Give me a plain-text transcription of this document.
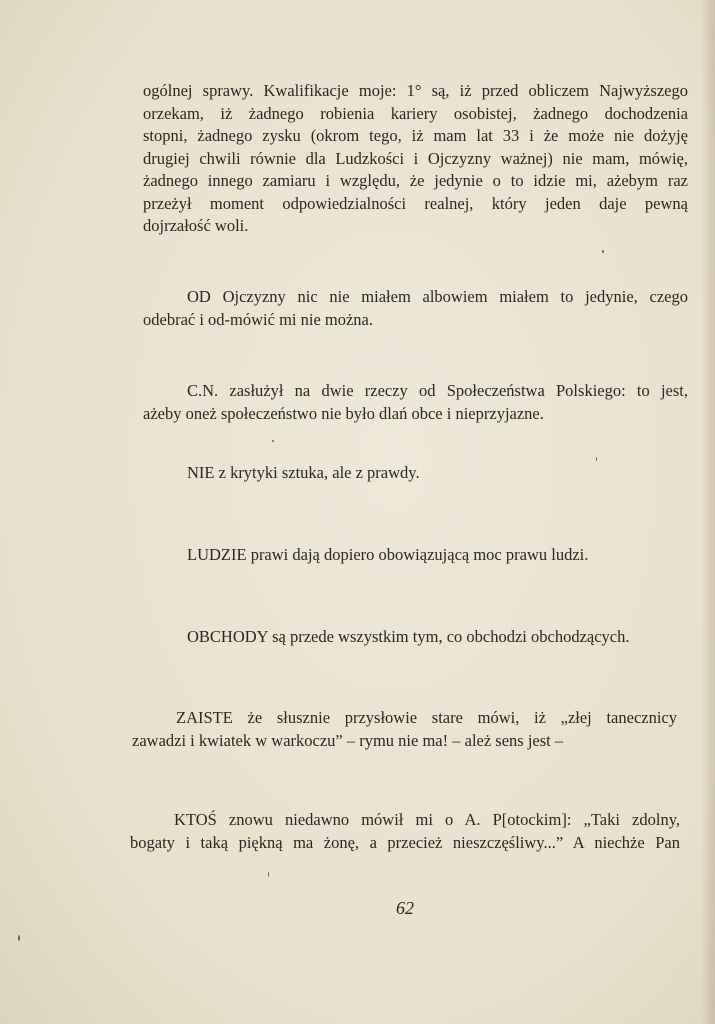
ogólnej sprawy. Kwalifikacje moje: 1° są, iż przed obliczem Najwyższego
orzekam, iż żadnego robienia kariery osobistej, żadnego dochodzenia
stopni, żadnego zysku (okrom tego, iż mam lat 33 i że może nie dożyję
drugiej chwili równie dla Ludzkości i Ojczyzny ważnej) nie mam, mówię,
żadnego innego zamiaru i względu, że jedynie o to idzie mi, ażebym raz
przeżył moment odpowiedzialności realnej, który jeden daje pewną
dojrzałość woli.
OD Ojczyzny nic nie miałem albowiem miałem to jedynie, czego
odebrać i od-mówić mi nie można.
C.N. zasłużył na dwie rzeczy od Społeczeństwa Polskiego: to jest,
ażeby oneż społeczeństwo nie było dlań obce i nieprzyjazne.
NIE z krytyki sztuka, ale z prawdy.
LUDZIE prawi dają dopiero obowiązującą moc prawu ludzi.
OBCHODY są przede wszystkim tym, co obchodzi obchodzących.
ZAISTE że słusznie przysłowie stare mówi, iż „złej tanecznicy
zawadzi i kwiatek w warkoczu” – rymu nie ma! – ależ sens jest –
KTOŚ znowu niedawno mówił mi o A. P[otockim]: „Taki zdolny,
bogaty i taką piękną ma żonę, a przecież nieszczęśliwy...” A niechże Pan
62
